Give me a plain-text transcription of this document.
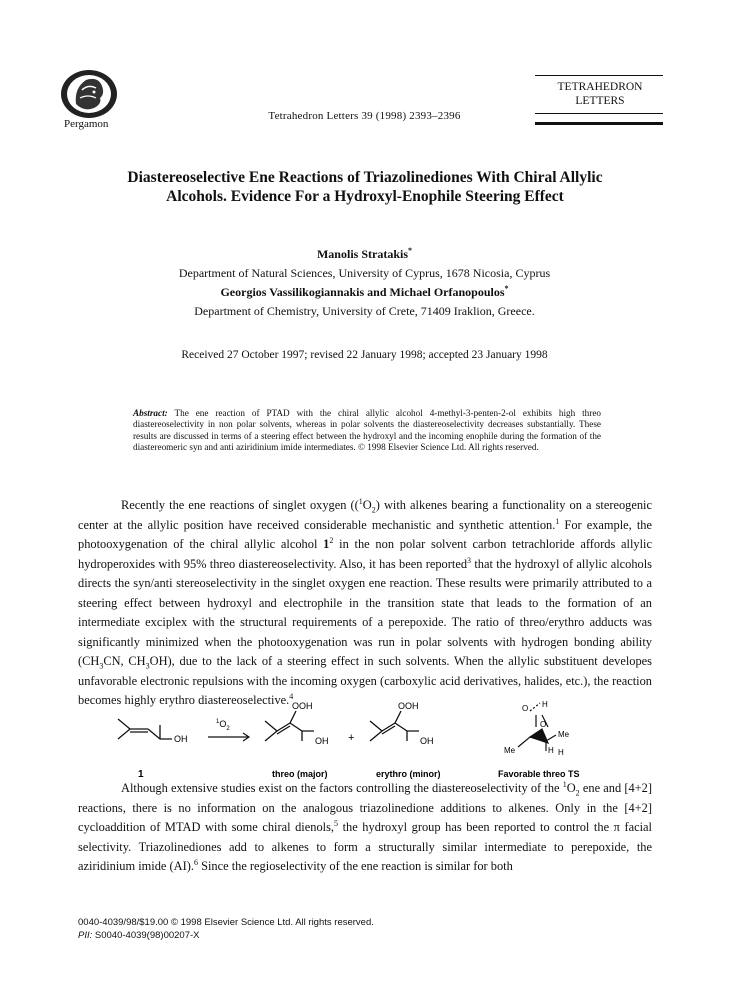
Pergamon
Tetrahedron Letters 39 (1998) 2393–2396
TETRAHEDRON
LETTERS
Diastereoselective Ene Reactions of Triazolinediones With Chiral Allylic
Alcohols. Evidence For a Hydroxyl-Enophile Steering Effect
Manolis Stratakis*
Department of Natural Sciences, University of Cyprus, 1678 Nicosia, Cyprus
Georgios Vassilikogiannakis and Michael Orfanopoulos*
Department of Chemistry, University of Crete, 71409 Iraklion, Greece.
Received 27 October 1997; revised 22 January 1998; accepted 23 January 1998
Abstract: The ene reaction of PTAD with the chiral allylic alcohol 4-methyl-3-penten-2-ol exhibits high threo diastereoselectivity in non polar solvents, whereas in polar solvents the diastereoselectivity decreases substantially. These results are discussed in terms of a steering effect between the hydroxyl and the incoming enophile during the formation of the diastereomeric syn and anti aziridinium imide intermediates. © 1998 Elsevier Science Ltd. All rights reserved.
Recently the ene reactions of singlet oxygen ($(^1O_2)$ with alkenes bearing a functionality on a stereogenic center at the allylic position have received considerable mechanistic and synthetic attention.$^1$ For example, the photooxygenation of the chiral allylic alcohol $1^2$ in the non polar solvent carbon tetrachloride affords allylic hydroperoxides with 95% threo diastereoselectivity. Also, it has been reported$^3$ that the hydroxyl of allylic alcohols directs the syn/anti stereoselectivity in the singlet oxygen ene reaction. These results were primarily attributed to a steering effect between hydroxyl and electrophile in the transition state that leads to the formation of an intermediate exciplex with the structural requirements of a perepoxide. The ratio of threo/erythro adducts was significantly minimized when the photooxygenation was run in polar solvents with hydrogen bonding ability ($CH_3CN$, $CH_3OH$), due to the lack of a steering effect in such solvents. When the allylic substituent developes unfavorable electronic repulsions with the incoming oxygen (carboxylic acid derivatives, halides, etc.), the reaction becomes highly erythro diastereoselective.$^4$
OH
1
$^1O_2$
OOH
OH
threo (major)
+
OOH
OH
erythro (minor)
O H
O
Me
Me	H H
Favorable threo TS
Although extensive studies exist on the factors controlling the diastereoselectivity of the $^1O_2$ ene and [4+2] reactions, there is no information on the analogous triazolinedione additions to alkenes. Only in the [4+2] cycloaddition of MTAD with some chiral dienols,$^5$ the hydroxyl group has been reported to control the π facial selectivity. Triazolinediones add to alkenes to form a structurally similar intermediate to perepoxide, the aziridinium imide (AI).$^6$ Since the regioselectivity of the ene reaction is similar for both
0040-4039/98/$19.00 © 1998 Elsevier Science Ltd. All rights reserved.
PII: S0040-4039(98)00207-X
